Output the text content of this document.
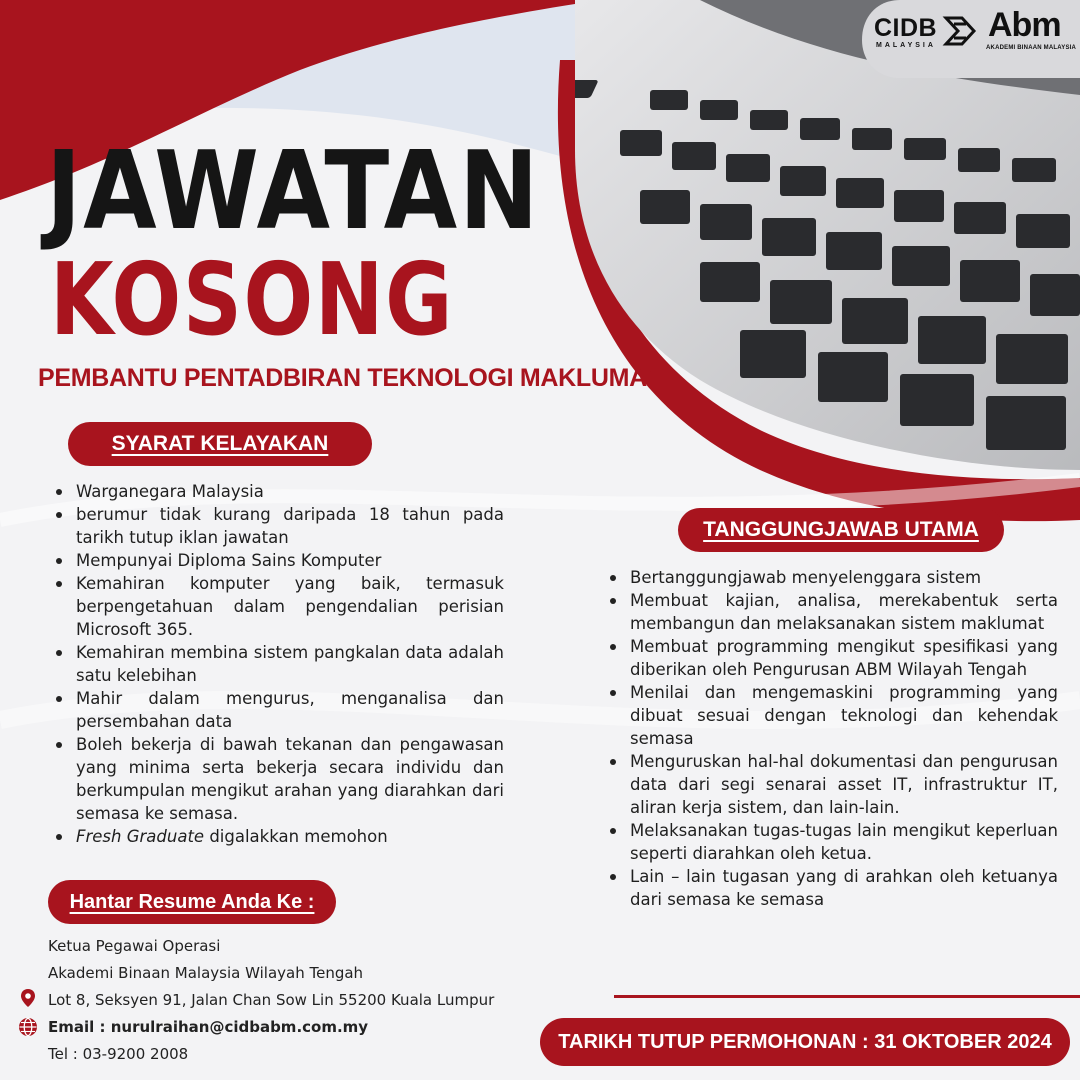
CIDB
MALAYSIA
Abm
AKADEMI BINAAN MALAYSIA
JAWATAN
KOSONG
PEMBANTU PENTADBIRAN TEKNOLOGI MAKLUMAT
SYARAT KELAYAKAN
Warganegara Malaysia
berumur tidak kurang daripada 18 tahun pada tarikh tutup iklan jawatan
Mempunyai Diploma Sains Komputer
Kemahiran komputer yang baik, termasuk berpengetahuan dalam pengendalian perisian Microsoft 365.
Kemahiran membina sistem pangkalan data adalah satu kelebihan
Mahir dalam mengurus, menganalisa dan persembahan data
Boleh bekerja di bawah tekanan dan pengawasan yang minima serta bekerja secara individu dan berkumpulan mengikut arahan yang diarahkan dari semasa ke semasa.
Fresh Graduate digalakkan memohon
TANGGUNGJAWAB UTAMA
Bertanggungjawab menyelenggara sistem
Membuat kajian, analisa, merekabentuk serta membangun dan melaksanakan sistem maklumat
Membuat programming mengikut spesifikasi yang diberikan oleh Pengurusan ABM Wilayah Tengah
Menilai dan mengemaskini programming yang dibuat sesuai dengan teknologi dan kehendak semasa
Menguruskan hal-hal dokumentasi dan pengurusan data dari segi senarai asset IT, infrastruktur IT, aliran kerja sistem, dan lain-lain.
Melaksanakan tugas-tugas lain mengikut keperluan seperti diarahkan oleh ketua.
Lain – lain tugasan yang di arahkan oleh ketuanya dari semasa ke semasa
Hantar Resume Anda Ke :
Ketua Pegawai Operasi
Akademi Binaan Malaysia Wilayah Tengah
Lot 8, Seksyen 91, Jalan Chan Sow Lin 55200 Kuala Lumpur
Email : nurulraihan@cidbabm.com.my
Tel : 03-9200 2008
TARIKH TUTUP PERMOHONAN : 31 OKTOBER 2024
